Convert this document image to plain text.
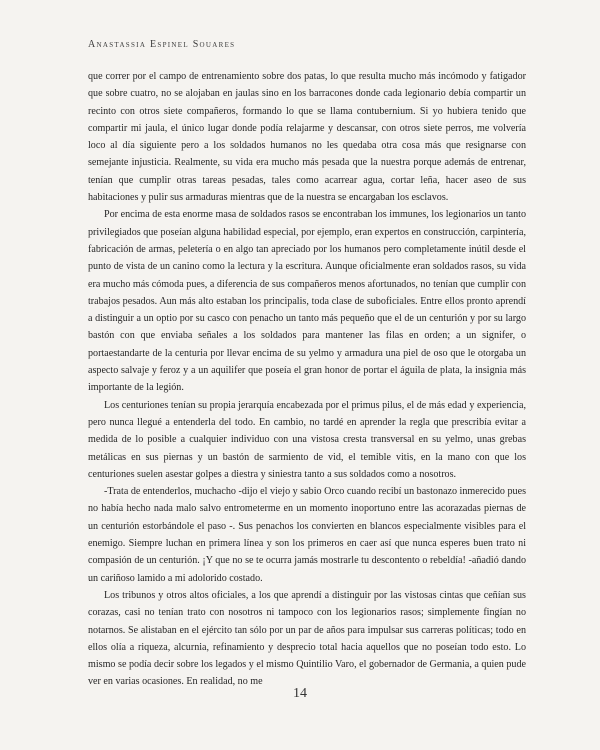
Anastassia Espinel Souares

que correr por el campo de entrenamiento sobre dos patas, lo que resulta mucho más incómodo y fatigador que sobre cuatro, no se alojaban en jaulas sino en los barracones donde cada legionario debía compartir un recinto con otros siete compañeros, formando lo que se llama contubernium. Si yo hubiera tenido que compartir mi jaula, el único lugar donde podía relajarme y descansar, con otros siete perros, me volvería loco al día siguiente pero a los soldados humanos no les quedaba otra cosa más que resignarse con semejante injusticia. Realmente, su vida era mucho más pesada que la nuestra porque además de entrenar, tenían que cumplir otras tareas pesadas, tales como acarrear agua, cortar leña, hacer aseo de sus habitaciones y pulir sus armaduras mientras que de la nuestra se encargaban los esclavos.

Por encima de esta enorme masa de soldados rasos se encontraban los immunes, los legionarios un tanto privilegiados que poseían alguna habilidad especial, por ejemplo, eran expertos en construcción, carpintería, fabricación de armas, peletería o en algo tan apreciado por los humanos pero completamente inútil desde el punto de vista de un canino como la lectura y la escritura. Aunque oficialmente eran soldados rasos, su vida era mucho más cómoda pues, a diferencia de sus compañeros menos afortunados, no tenían que cumplir con trabajos pesados. Aun más alto estaban los principalis, toda clase de suboficiales. Entre ellos pronto aprendí a distinguir a un optio por su casco con penacho un tanto más pequeño que el de un centurión y por su largo bastón con que enviaba señales a los soldados para mantener las filas en orden; a un signifer, o portaestandarte de la centuria por llevar encima de su yelmo y armadura una piel de oso que le otorgaba un aspecto salvaje y feroz y a un aquilifer que poseía el gran honor de portar el águila de plata, la insignia más importante de la legión.

Los centuriones tenían su propia jerarquía encabezada por el primus pilus, el de más edad y experiencia, pero nunca llegué a entenderla del todo. En cambio, no tardé en aprender la regla que prescribía evitar a medida de lo posible a cualquier individuo con una vistosa cresta transversal en su yelmo, unas grebas metálicas en sus piernas y un bastón de sarmiento de vid, el temible vitis, en la mano con que los centuriones suelen asestar golpes a diestra y siniestra tanto a sus soldados como a nosotros.

-Trata de entenderlos, muchacho -dijo el viejo y sabio Orco cuando recibí un bastonazo inmerecido pues no había hecho nada malo salvo entrometerme en un momento inoportuno entre las acorazadas piernas de un centurión estorbándole el paso -. Sus penachos los convierten en blancos especialmente visibles para el enemigo. Siempre luchan en primera línea y son los primeros en caer así que nunca esperes buen trato ni compasión de un centurión. ¡Y que no se te ocurra jamás mostrarle tu descontento o rebeldía! -añadió dando un cariñoso lamido a mi adolorido costado.

Los tribunos y otros altos oficiales, a los que aprendí a distinguir por las vistosas cintas que ceñían sus corazas, casi no tenían trato con nosotros ni tampoco con los legionarios rasos; simplemente fingían no notarnos. Se alistaban en el ejército tan sólo por un par de años para impulsar sus carreras políticas; todo en ellos olía a riqueza, alcurnia, refinamiento y desprecio total hacia aquellos que no poseían todo esto. Lo mismo se podía decir sobre los legados y el mismo Quintilio Varo, el gobernador de Germania, a quien pude ver en varias ocasiones. En realidad, no me

14
